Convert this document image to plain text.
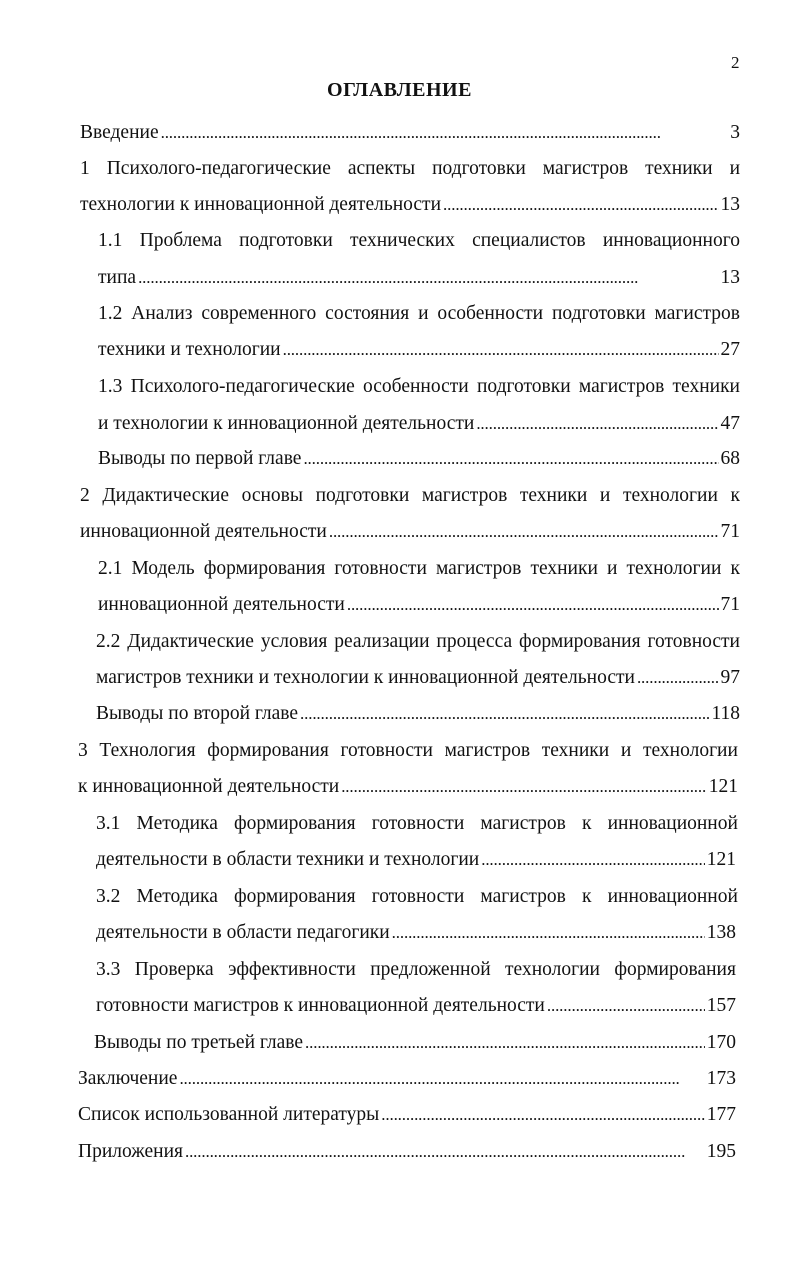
2
ОГЛАВЛЕНИЕ
Введение . . .	3
1 Психолого-педагогические аспекты подготовки магистров техники и
технологии к инновационной деятельности . . .	13
1.1 Проблема подготовки технических специалистов инновационного
типа . . .	13
1.2 Анализ современного состояния и особенности подготовки магистров
техники и технологии . . .	27
1.3 Психолого-педагогические особенности подготовки магистров техники
и технологии к инновационной деятельности . . .	47
Выводы по первой главе . . .	68
2 Дидактические основы подготовки магистров техники и технологии к
инновационной деятельности . . .	71
2.1 Модель формирования готовности магистров техники и технологии к
инновационной деятельности . . .	71
2.2 Дидактические условия реализации процесса формирования готовности
магистров техники и технологии к инновационной деятельности . . .	97
Выводы по второй главе . . .	118
3 Технология формирования готовности магистров техники и технологии
к инновационной деятельности . . .	121
3.1 Методика формирования готовности магистров к инновационной
деятельности в области техники и технологии . . .	121
3.2 Методика формирования готовности магистров к инновационной
деятельности в области педагогики . . .	138
3.3 Проверка эффективности предложенной технологии формирования
готовности магистров к инновационной деятельности . . .	157
Выводы по третьей главе . . .	170
Заключение . . .	173
Список использованной литературы . . .	177
Приложения . . .	195
